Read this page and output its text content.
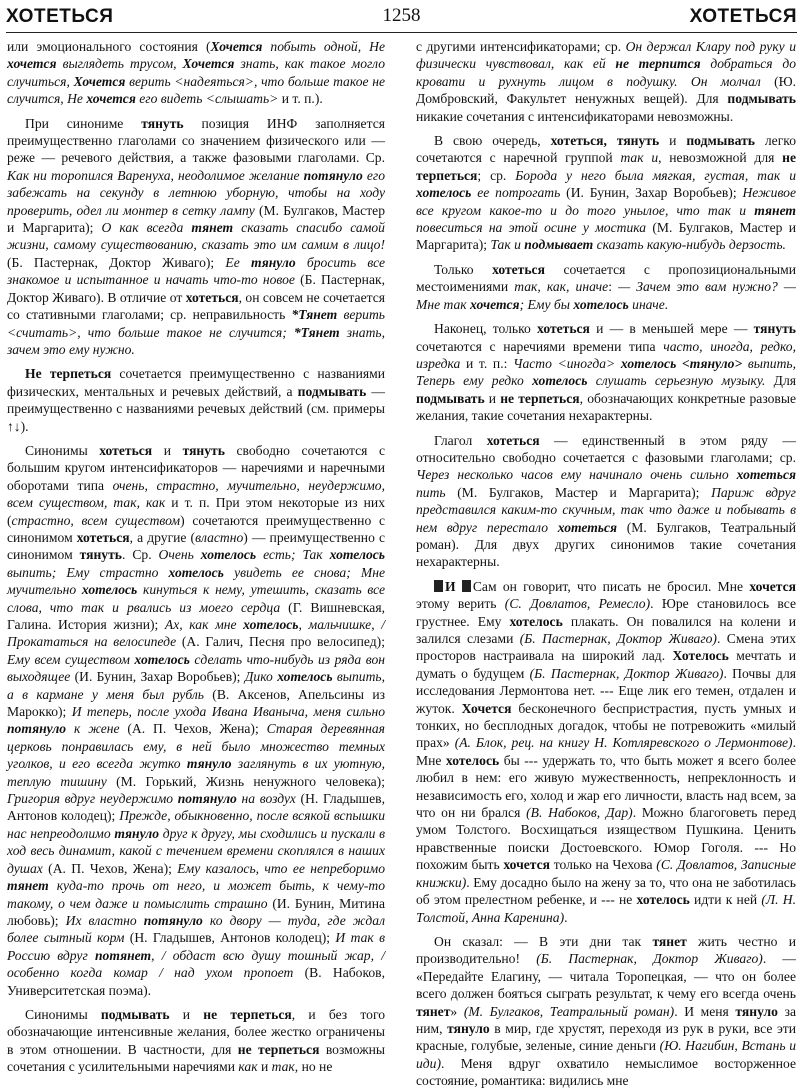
ХОТЕТЬСЯ	1258	ХОТЕТЬСЯ

или эмоционального состояния (Хочется побыть одной, Не хочется выглядеть трусом, Хочется знать, как такое могло случиться, Хочется верить <надеяться>, что больше такое не случится, Не хочется его видеть <слышать> и т. п.).

При синониме тянуть позиция ИНФ заполняется преимущественно глаголами со значением физического или — реже — речевого действия, а также фазовыми глаголами. Ср. Как ни торопился Варенуха, неодолимое желание потянуло его забежать на секунду в летнюю уборную, чтобы на ходу проверить, одел ли монтер в сетку лампу (М. Булгаков, Мастер и Маргарита); О как всегда тянет сказать спасибо самой жизни, самому существованию, сказать это им самим в лицо! (Б. Пастернак, Доктор Живаго); Ее тянуло бросить все знакомое и испытанное и начать что-то новое (Б. Пастернак, Доктор Живаго). В отличие от хотеться, он совсем не сочетается со стативными глаголами; ср. неправильность *Тянет верить <считать>, что больше такое не случится; *Тянет знать, зачем это ему нужно.

Не терпеться сочетается преимущественно с названиями физических, ментальных и речевых действий, а подмывать — преимущественно с названиями речевых действий (см. примеры ↑↓).

Синонимы хотеться и тянуть свободно сочетаются с большим кругом интенсификаторов — наречиями и наречными оборотами типа очень, страстно, мучительно, неудержимо, всем существом, так, как и т. п. При этом некоторые из них (страстно, всем существом) сочетаются преимущественно с синонимом хотеться, а другие (властно) — преимущественно с синонимом тянуть. Ср. Очень хотелось есть; Так хотелось выпить; Ему страстно хотелось увидеть ее снова; Мне мучительно хотелось кинуться к нему, утешить, сказать все слова, что так и рвались из моего сердца (Г. Вишневская, Галина. История жизни); Ах, как мне хотелось, мальчишке, / Прокататься на велосипеде (А. Галич, Песня про велосипед); Ему всем существом хотелось сделать что-нибудь из ряда вон выходящее (И. Бунин, Захар Воробьев); Дико хотелось выпить, а в кармане у меня был рубль (В. Аксенов, Апельсины из Марокко); И теперь, после ухода Ивана Иваныча, меня сильно потянуло к жене (А. П. Чехов, Жена); Старая деревянная церковь понравилась ему, в ней было множество темных уголков, и его всегда жутко тянуло заглянуть в их уютную, теплую тишину (М. Горький, Жизнь ненужного человека); Григория вдруг неудержимо потянуло на воздух (Н. Гладышев, Антонов колодец); Прежде, обыкновенно, после всякой вспышки нас непреодолимо тянуло друг к другу, мы сходились и пускали в ход весь динамит, какой с течением времени скоплялся в наших душах (А. П. Чехов, Жена); Ему казалось, что ее непреборимо тянет куда-то прочь от него, и может быть, к чему-то такому, о чем даже и помыслить страшно (И. Бунин, Митина любовь); Их властно потянуло ко двору — туда, где ждал более сытный корм (Н. Гладышев, Антонов колодец); И так в Россию вдруг потянет, / обдаст всю душу тошный жар, / особенно когда комар / над ухом пропоет (В. Набоков, Университетская поэма).

Синонимы подмывать и не терпеться, и без того обозначающие интенсивные желания, более жестко ограничены в этом отношении. В частности, для не терпеться возможны сочетания с усилительными наречиями как и так, но не

с другими интенсификаторами; ср. Он держал Клару под руку и физически чувствовал, как ей не терпится добраться до кровати и рухнуть лицом в подушку. Он молчал (Ю. Домбровский, Факультет ненужных вещей). Для подмывать никакие сочетания с интенсификаторами невозможны.

В свою очередь, хотеться, тянуть и подмывать легко сочетаются с наречной группой так и, невозможной для не терпеться; ср. Борода у него была мягкая, густая, так и хотелось ее потрогать (И. Бунин, Захар Воробьев); Неживое все кругом какое-то и до того унылое, что так и тянет повеситься на этой осине у мостика (М. Булгаков, Мастер и Маргарита); Так и подмывает сказать какую-нибудь дерзость.

Только хотеться сочетается с пропозициональными местоимениями так, как, иначе: — Зачем это вам нужно? — Мне так хочется; Ему бы хотелось иначе.

Наконец, только хотеться и — в меньшей мере — тянуть сочетаются с наречиями времени типа часто, иногда, редко, изредка и т. п.: Часто <иногда> хотелось <тянуло> выпить, Теперь ему редко хотелось слушать серьезную музыку. Для подмывать и не терпеться, обозначающих конкретные разовые желания, такие сочетания нехарактерны.

Глагол хотеться — единственный в этом ряду — относительно свободно сочетается с фазовыми глаголами; ср. Через несколько часов ему начинало очень сильно хотеться пить (М. Булгаков, Мастер и Маргарита); Париж вдруг представился каким-то скучным, так что даже и побывать в нем вдруг перестало хотеться (М. Булгаков, Театральный роман). Для двух других синонимов такие сочетания нехарактерны.

И Сам он говорит, что писать не бросил. Мне хочется этому верить (С. Довлатов, Ремесло). Юре становилось все грустнее. Ему хотелось плакать. Он повалился на колени и залился слезами (Б. Пастернак, Доктор Живаго). Смена этих просторов настраивала на широкий лад. Хотелось мечтать и думать о будущем (Б. Пастернак, Доктор Живаго). Почвы для исследования Лермонтова нет. --- Еще лик его темен, отдален и жуток. Хочется бесконечного беспристрастия, пусть умных и тонких, но бесплодных догадок, чтобы не потревожить «милый прах» (А. Блок, рец. на книгу Н. Котляревского о Лермонтове). Мне хотелось бы --- удержать то, что быть может я всего более любил в нем: его живую мужественность, непреклонность и независимость его, холод и жар его личности, власть над всем, за что он ни брался (В. Набоков, Дар). Можно благоговеть перед умом Толстого. Восхищаться изяществом Пушкина. Ценить нравственные поиски Достоевского. Юмор Гоголя. --- Но похожим быть хочется только на Чехова (С. Довлатов, Записные книжки). Ему досадно было на жену за то, что она не заботилась об этом прелестном ребенке, и --- не хотелось идти к ней (Л. Н. Толстой, Анна Каренина).

Он сказал: — В эти дни так тянет жить честно и производительно! (Б. Пастернак, Доктор Живаго). — «Передайте Елагину, — читала Торопецкая, — что он более всего должен бояться сыграть результат, к чему его всегда очень тянет» (М. Булгаков, Театральный роман). И меня тянуло за ним, тянуло в мир, где хрустят, переходя из рук в руки, все эти красные, голубые, зеленые, синие деньги (Ю. Нагибин, Встань и иди). Меня вдруг охватило немыслимое восторженное состояние, романтика: видились мне
